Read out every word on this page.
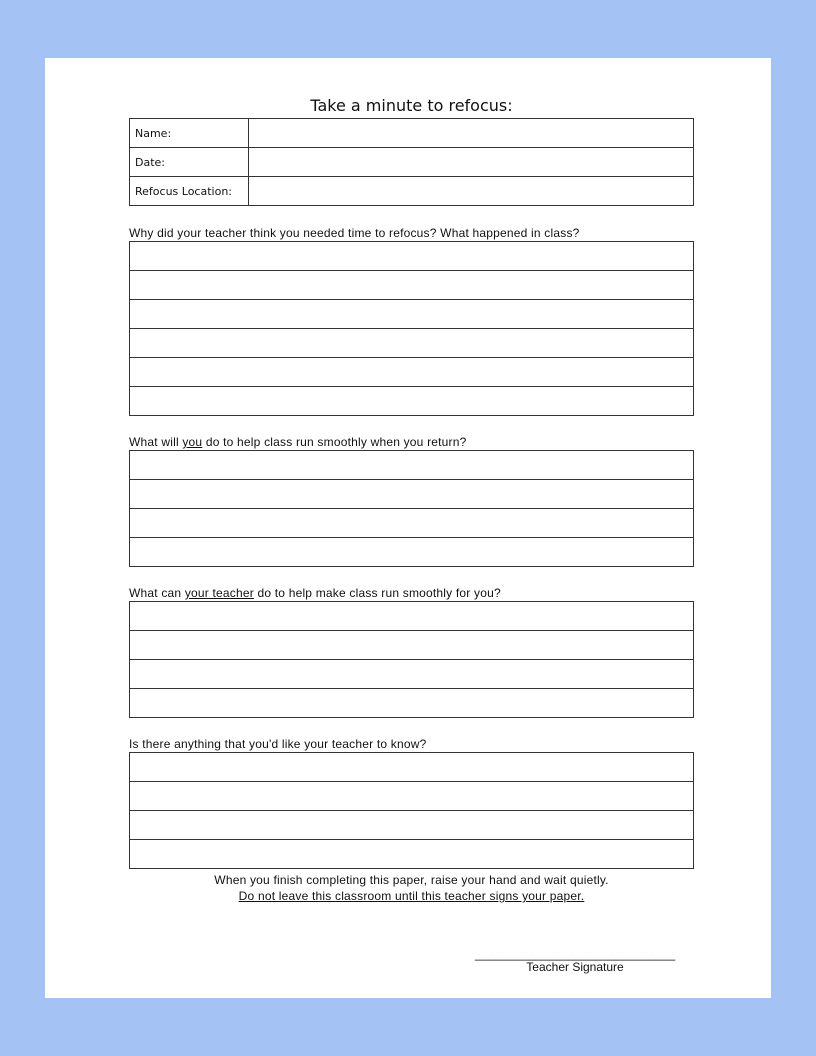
Take a minute to refocus:
Name:	
Date:	
Refocus Location:	
Why did your teacher think you needed time to refocus? What happened in class?
What will you do to help class run smoothly when you return?
What can your teacher do to help make class run smoothly for you?
Is there anything that you'd like your teacher to know?
When you finish completing this paper, raise your hand and wait quietly.
Do not leave this classroom until this teacher signs your paper.
______________________________
Teacher Signature
